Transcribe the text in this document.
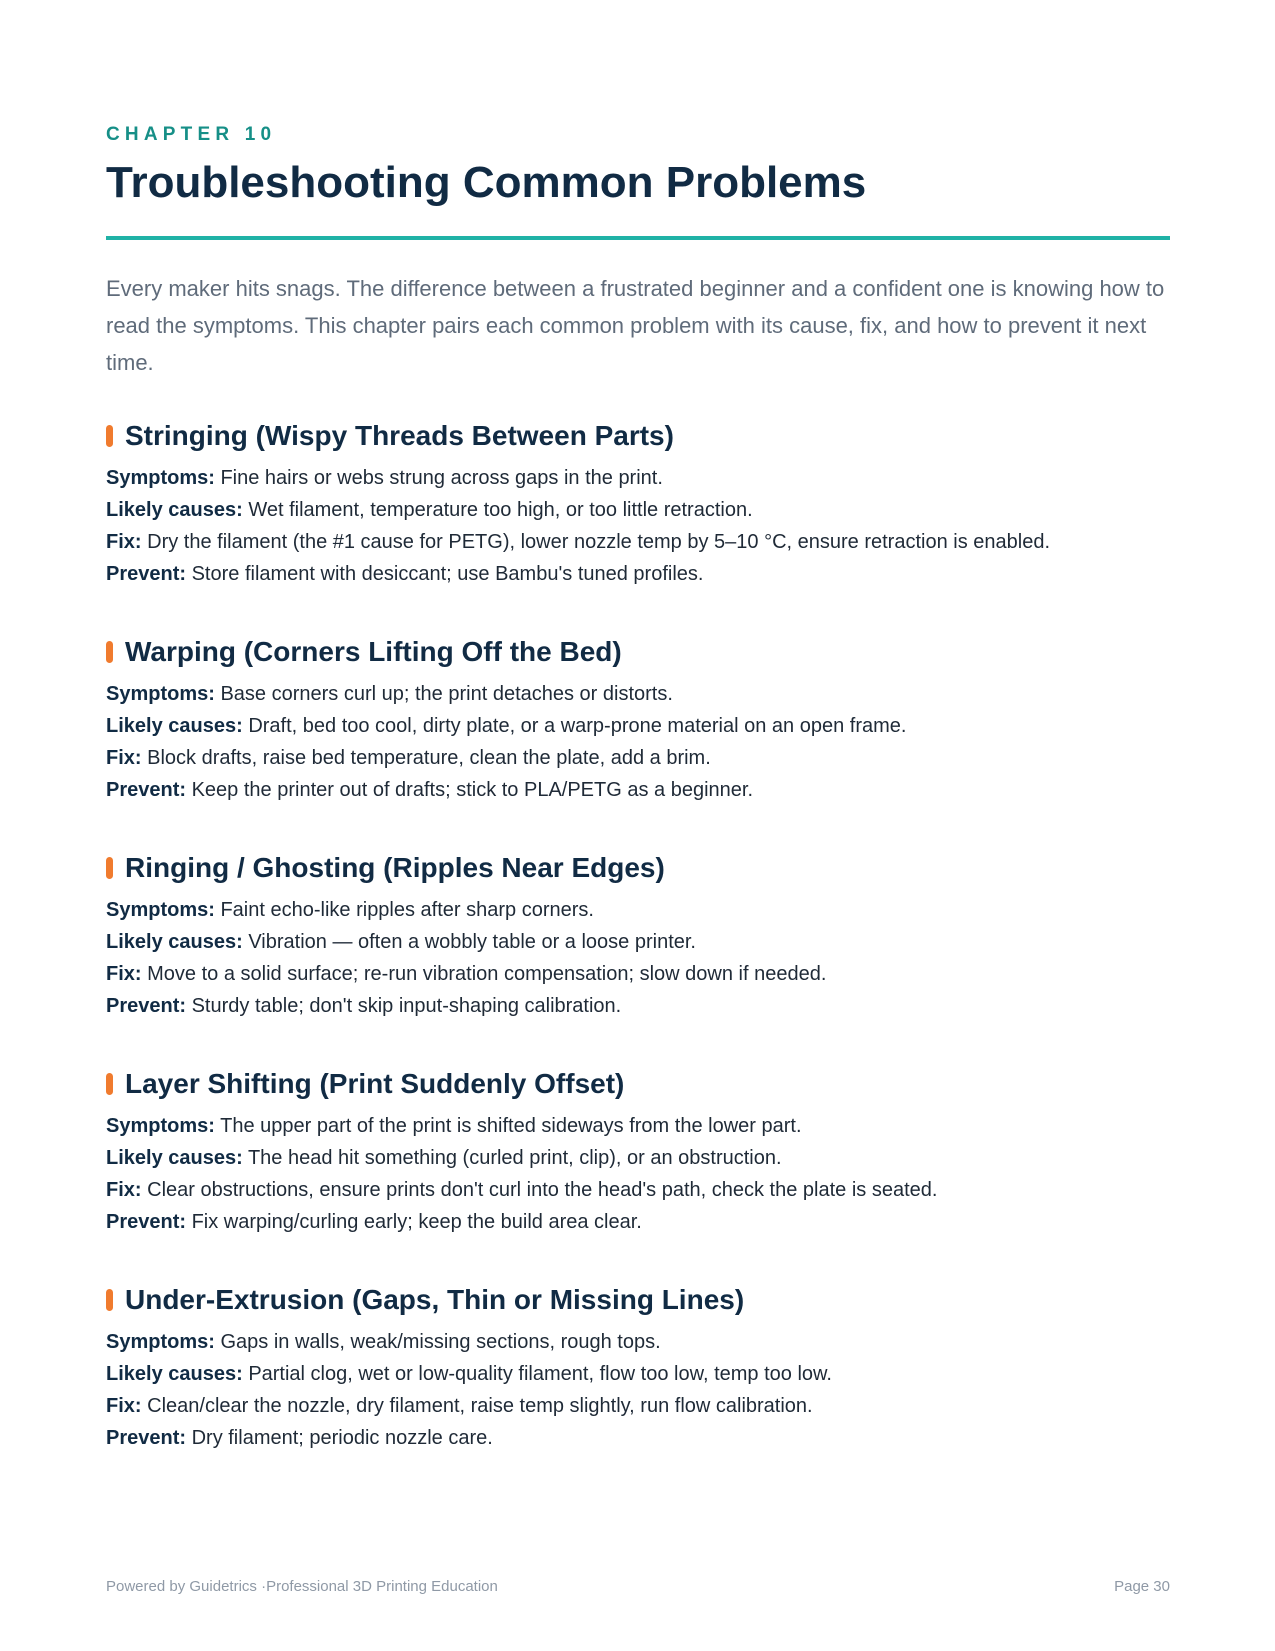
CHAPTER 10
Troubleshooting Common Problems

Every maker hits snags. The difference between a frustrated beginner and a confident one is knowing how to read the symptoms. This chapter pairs each common problem with its cause, fix, and how to prevent it next time.

Stringing (Wispy Threads Between Parts)
Symptoms: Fine hairs or webs strung across gaps in the print.
Likely causes: Wet filament, temperature too high, or too little retraction.
Fix: Dry the filament (the #1 cause for PETG), lower nozzle temp by 5–10 °C, ensure retraction is enabled.
Prevent: Store filament with desiccant; use Bambu's tuned profiles.
Warping (Corners Lifting Off the Bed)
Symptoms: Base corners curl up; the print detaches or distorts.
Likely causes: Draft, bed too cool, dirty plate, or a warp-prone material on an open frame.
Fix: Block drafts, raise bed temperature, clean the plate, add a brim.
Prevent: Keep the printer out of drafts; stick to PLA/PETG as a beginner.
Ringing / Ghosting (Ripples Near Edges)
Symptoms: Faint echo-like ripples after sharp corners.
Likely causes: Vibration — often a wobbly table or a loose printer.
Fix: Move to a solid surface; re-run vibration compensation; slow down if needed.
Prevent: Sturdy table; don't skip input-shaping calibration.
Layer Shifting (Print Suddenly Offset)
Symptoms: The upper part of the print is shifted sideways from the lower part.
Likely causes: The head hit something (curled print, clip), or an obstruction.
Fix: Clear obstructions, ensure prints don't curl into the head's path, check the plate is seated.
Prevent: Fix warping/curling early; keep the build area clear.
Under-Extrusion (Gaps, Thin or Missing Lines)
Symptoms: Gaps in walls, weak/missing sections, rough tops.
Likely causes: Partial clog, wet or low-quality filament, flow too low, temp too low.
Fix: Clean/clear the nozzle, dry filament, raise temp slightly, run flow calibration.
Prevent: Dry filament; periodic nozzle care.
Powered by Guidetrics ·Professional 3D Printing Education	Page 30
